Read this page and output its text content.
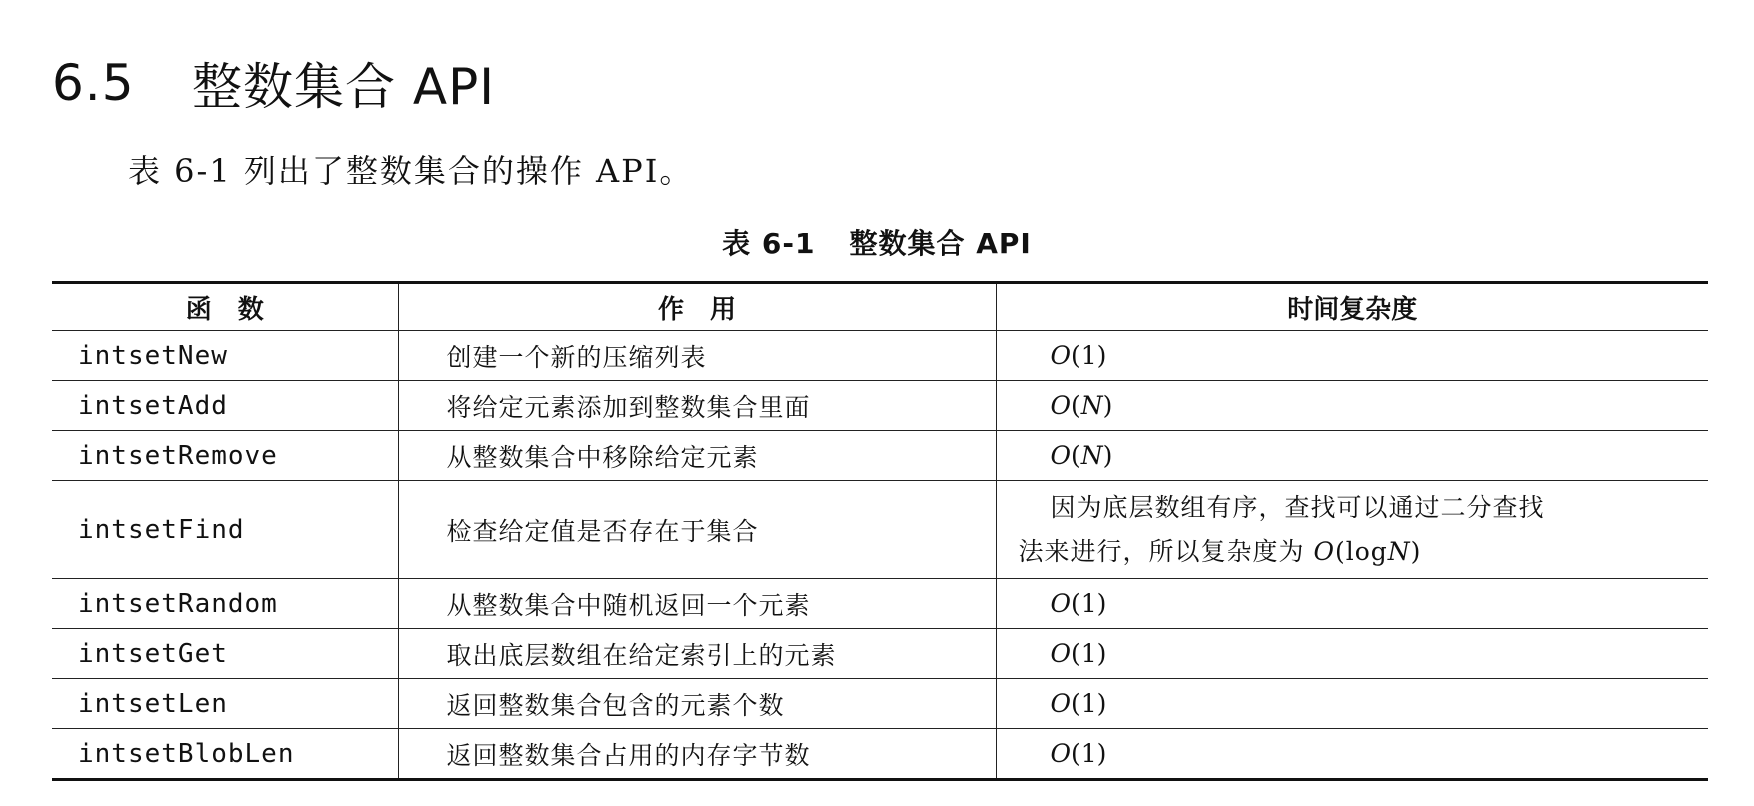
6.5	整数集合 API
表 6-1 列出了整数集合的操作 API。
表 6-1 整数集合 API
函　数	作　用	时间复杂度
intsetNew	创建一个新的压缩列表	O(1)
intsetAdd	将给定元素添加到整数集合里面	O(N)
intsetRemove	从整数集合中移除给定元素	O(N)
intsetFind	检查给定值是否存在于集合	因为底层数组有序，查找可以通过二分查找
法来进行，所以复杂度为 O(logN)
intsetRandom	从整数集合中随机返回一个元素	O(1)
intsetGet	取出底层数组在给定索引上的元素	O(1)
intsetLen	返回整数集合包含的元素个数	O(1)
intsetBlobLen	返回整数集合占用的内存字节数	O(1)
